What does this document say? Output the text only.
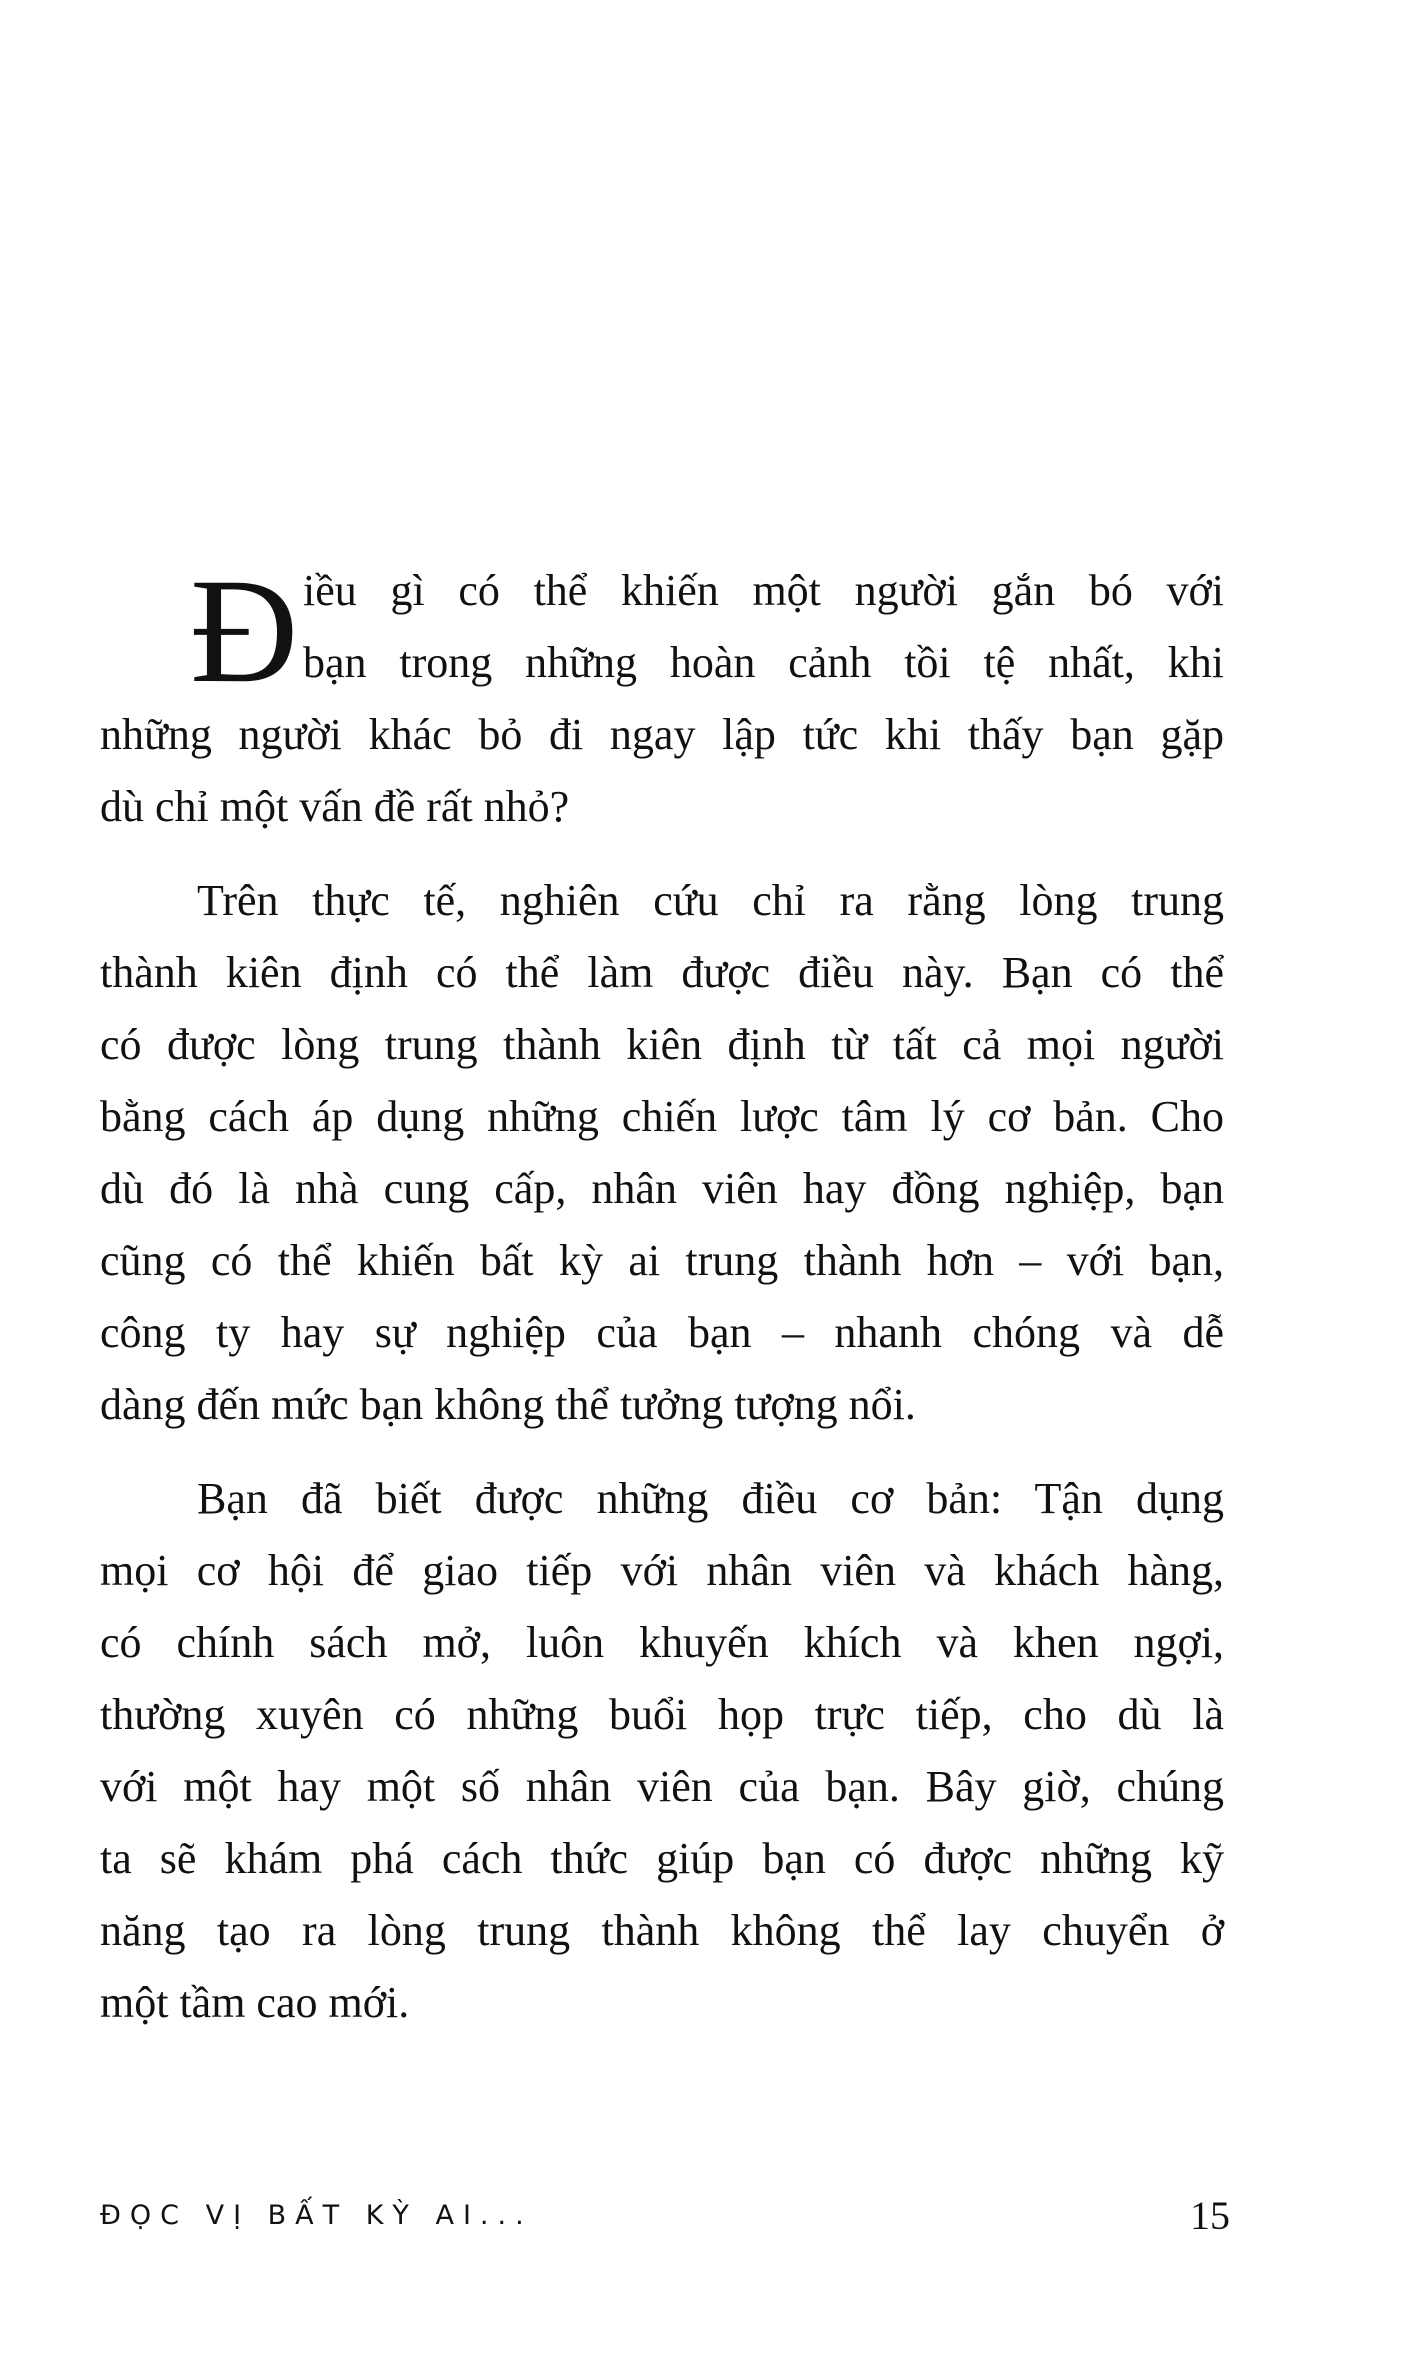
Đ iều gì có thể khiến một người gắn bó với
bạn trong những hoàn cảnh tồi tệ nhất, khi
những người khác bỏ đi ngay lập tức khi thấy bạn gặp
dù chỉ một vấn đề rất nhỏ?
Trên thực tế, nghiên cứu chỉ ra rằng lòng trung
thành kiên định có thể làm được điều này. Bạn có thể
có được lòng trung thành kiên định từ tất cả mọi người
bằng cách áp dụng những chiến lược tâm lý cơ bản. Cho
dù đó là nhà cung cấp, nhân viên hay đồng nghiệp, bạn
cũng có thể khiến bất kỳ ai trung thành hơn – với bạn,
công ty hay sự nghiệp của bạn – nhanh chóng và dễ
dàng đến mức bạn không thể tưởng tượng nổi.
Bạn đã biết được những điều cơ bản: Tận dụng
mọi cơ hội để giao tiếp với nhân viên và khách hàng,
có chính sách mở, luôn khuyến khích và khen ngợi,
thường xuyên có những buổi họp trực tiếp, cho dù là
với một hay một số nhân viên của bạn. Bây giờ, chúng
ta sẽ khám phá cách thức giúp bạn có được những kỹ
năng tạo ra lòng trung thành không thể lay chuyển ở
một tầm cao mới.
ĐỌC VỊ BẤT KỲ AI...	15
